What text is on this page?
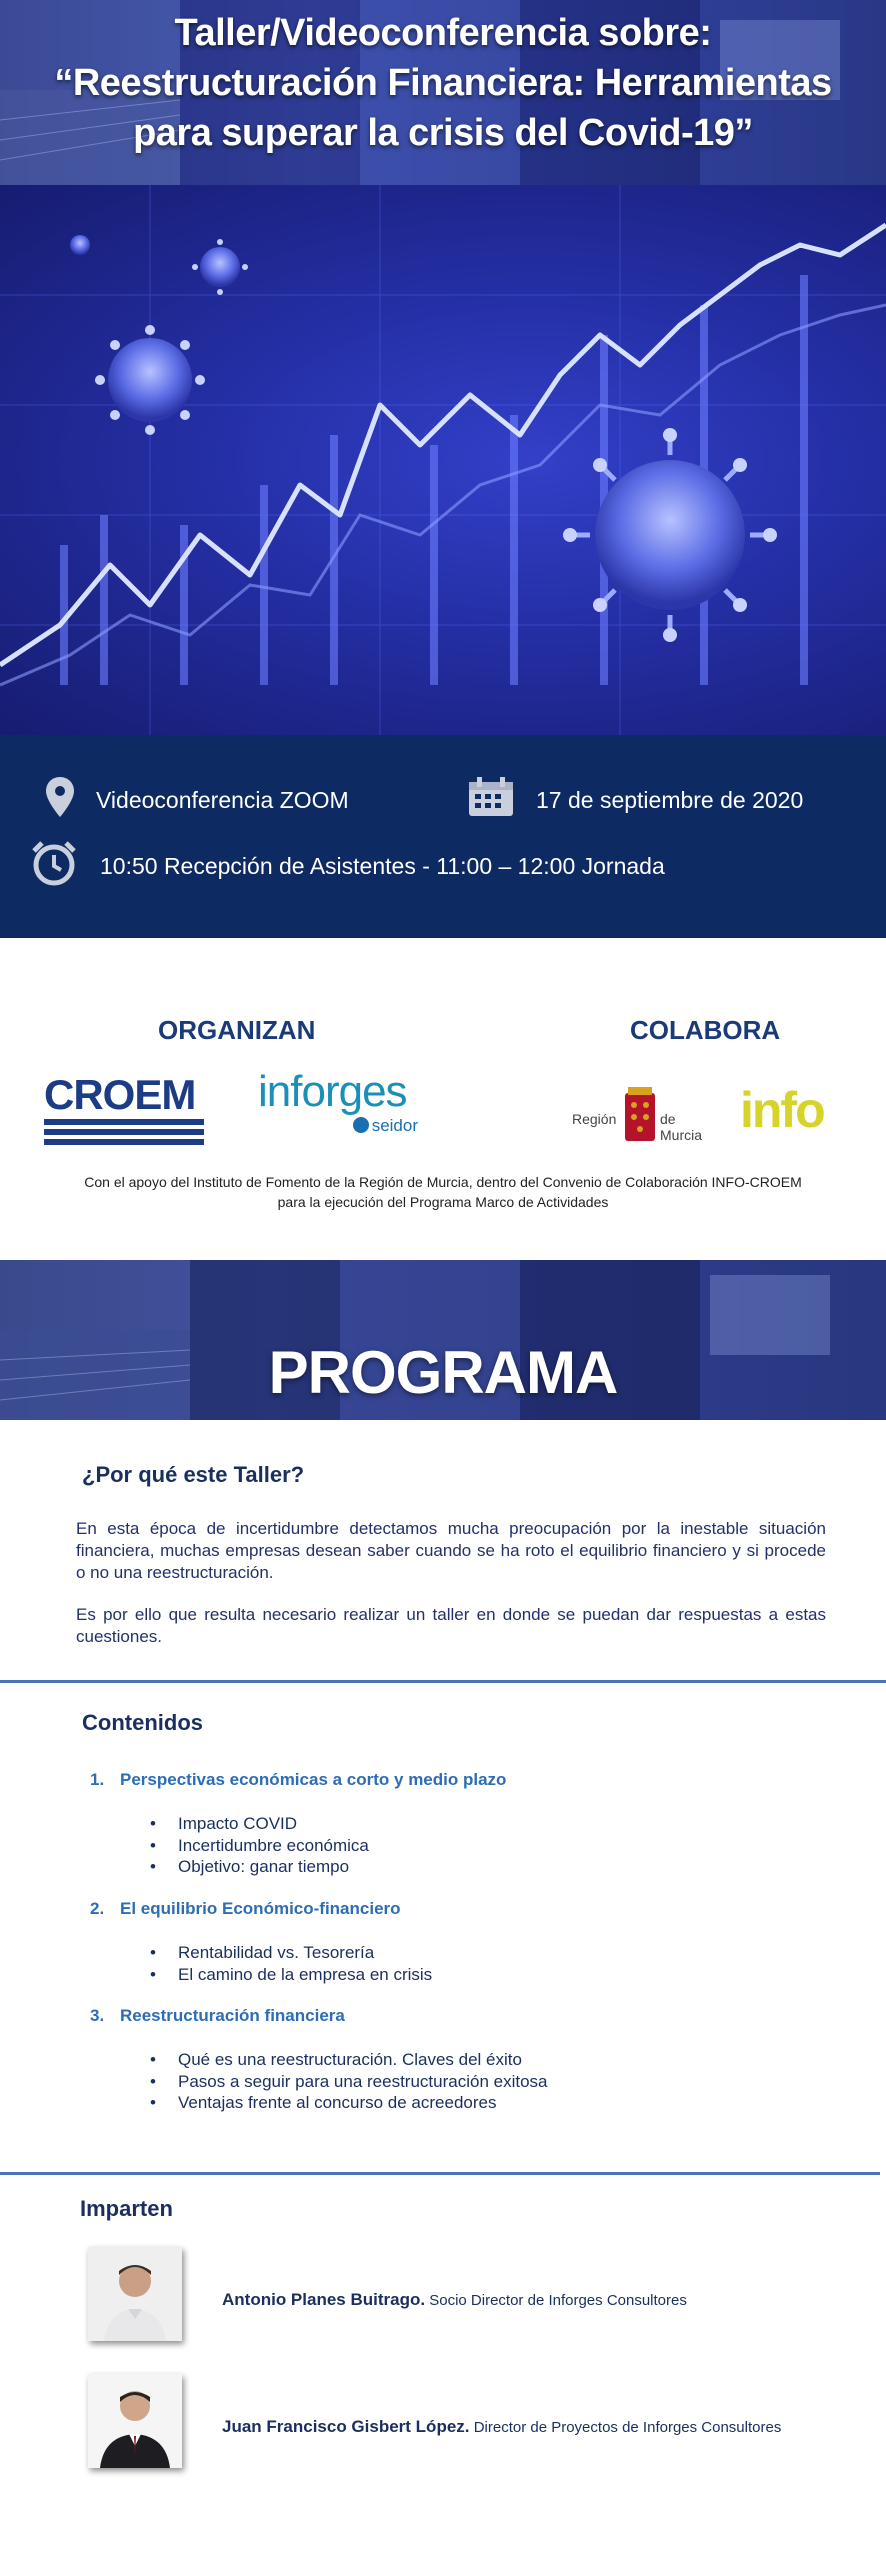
Taller/Videoconferencia sobre:
“Reestructuración Financiera: Herramientas
para superar la crisis del Covid-19”
Videoconferencia ZOOM	17 de septiembre de 2020
10:50 Recepción de Asistentes - 11:00 – 12:00 Jornada
ORGANIZAN	COLABORA
CROEM	inforges
seidor	Región	de Murcia info
Con el apoyo del Instituto de Fomento de la Región de Murcia, dentro del Convenio de Colaboración INFO-CROEM
para la ejecución del Programa Marco de Actividades
PROGRAMA
¿Por qué este Taller?
En esta época de incertidumbre detectamos mucha preocupación por la inestable situación financiera, muchas empresas desean saber cuando se ha roto el equilibrio financiero y si procede o no una reestructuración.
Es por ello que resulta necesario realizar un taller en donde se puedan dar respuestas a estas cuestiones.
Contenidos
1. Perspectivas económicas a corto y medio plazo
• Impacto COVID
• Incertidumbre económica
• Objetivo: ganar tiempo
2. El equilibrio Económico-financiero
• Rentabilidad vs. Tesorería
• El camino de la empresa en crisis
3. Reestructuración financiera
• Qué es una reestructuración. Claves del éxito
• Pasos a seguir para una reestructuración exitosa
• Ventajas frente al concurso de acreedores
Imparten
Antonio Planes Buitrago. Socio Director de Inforges Consultores
Juan Francisco Gisbert López. Director de Proyectos de Inforges Consultores
